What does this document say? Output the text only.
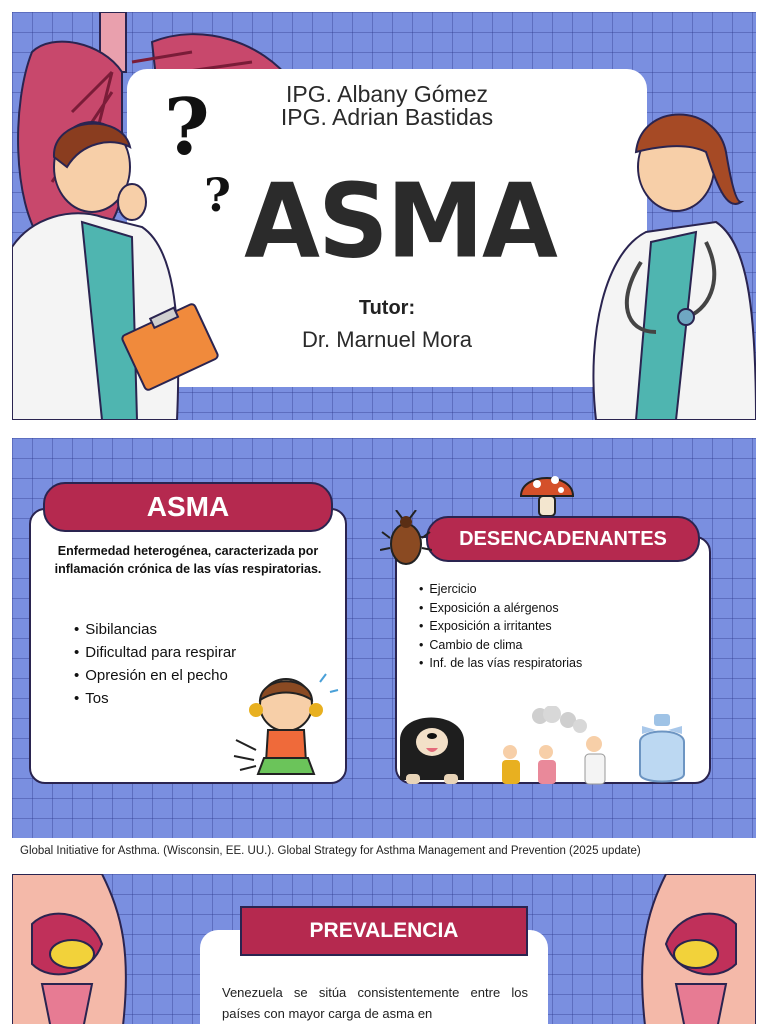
IPG. Albany Gómez
IPG. Adrian Bastidas
ASMA
Tutor:
Dr. Marnuel Mora
?
?
ASMA
Enfermedad heterogénea, caracterizada por inflamación crónica de las vías respiratorias.
• Sibilancias
• Dificultad para respirar
• Opresión en el pecho
• Tos
DESENCADENANTES
• Ejercicio
• Exposición a alérgenos
• Exposición a irritantes
• Cambio de clima
• Inf. de las vías respiratorias
Global Initiative for Asthma. (Wisconsin, EE. UU.). Global Strategy for Asthma Management and Prevention (2025 update)
PREVALENCIA
Venezuela se sitúa consistentemente entre los países con mayor carga de asma en
